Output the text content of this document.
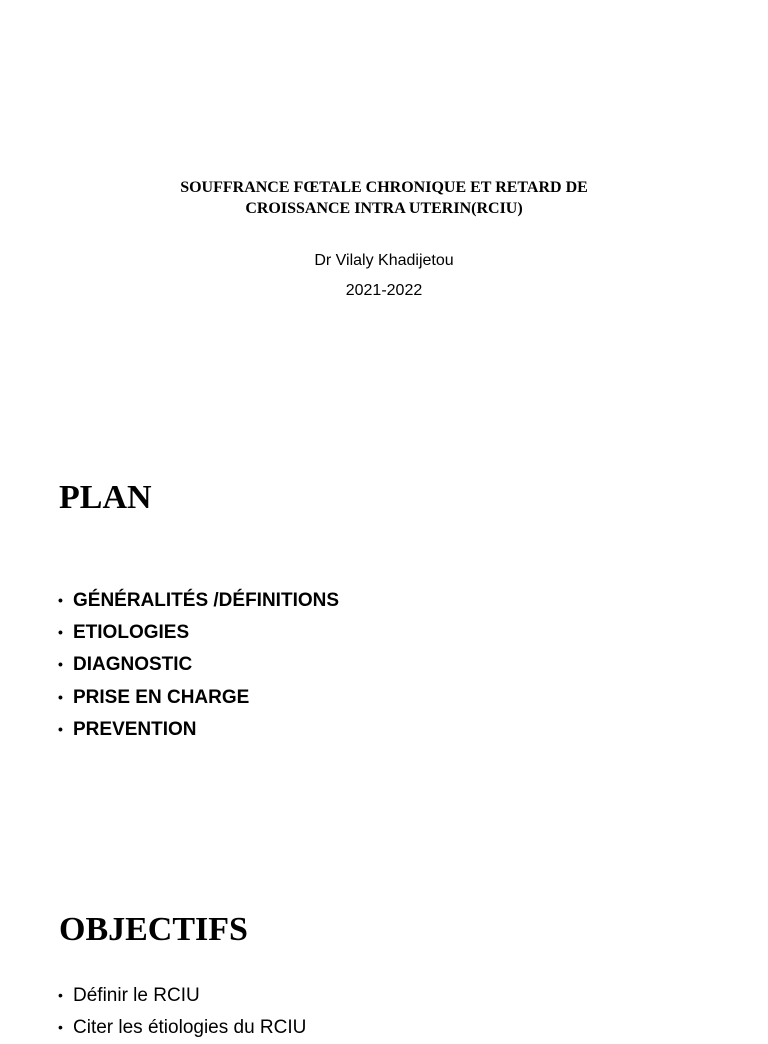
SOUFFRANCE FŒTALE CHRONIQUE ET RETARD DE
CROISSANCE INTRA UTERIN(RCIU)
Dr Vilaly Khadijetou
2021-2022
PLAN
• GÉNÉRALITÉS /DÉFINITIONS
• ETIOLOGIES
• DIAGNOSTIC
• PRISE EN CHARGE
• PREVENTION
OBJECTIFS
• Définir le RCIU
• Citer les étiologies du RCIU
